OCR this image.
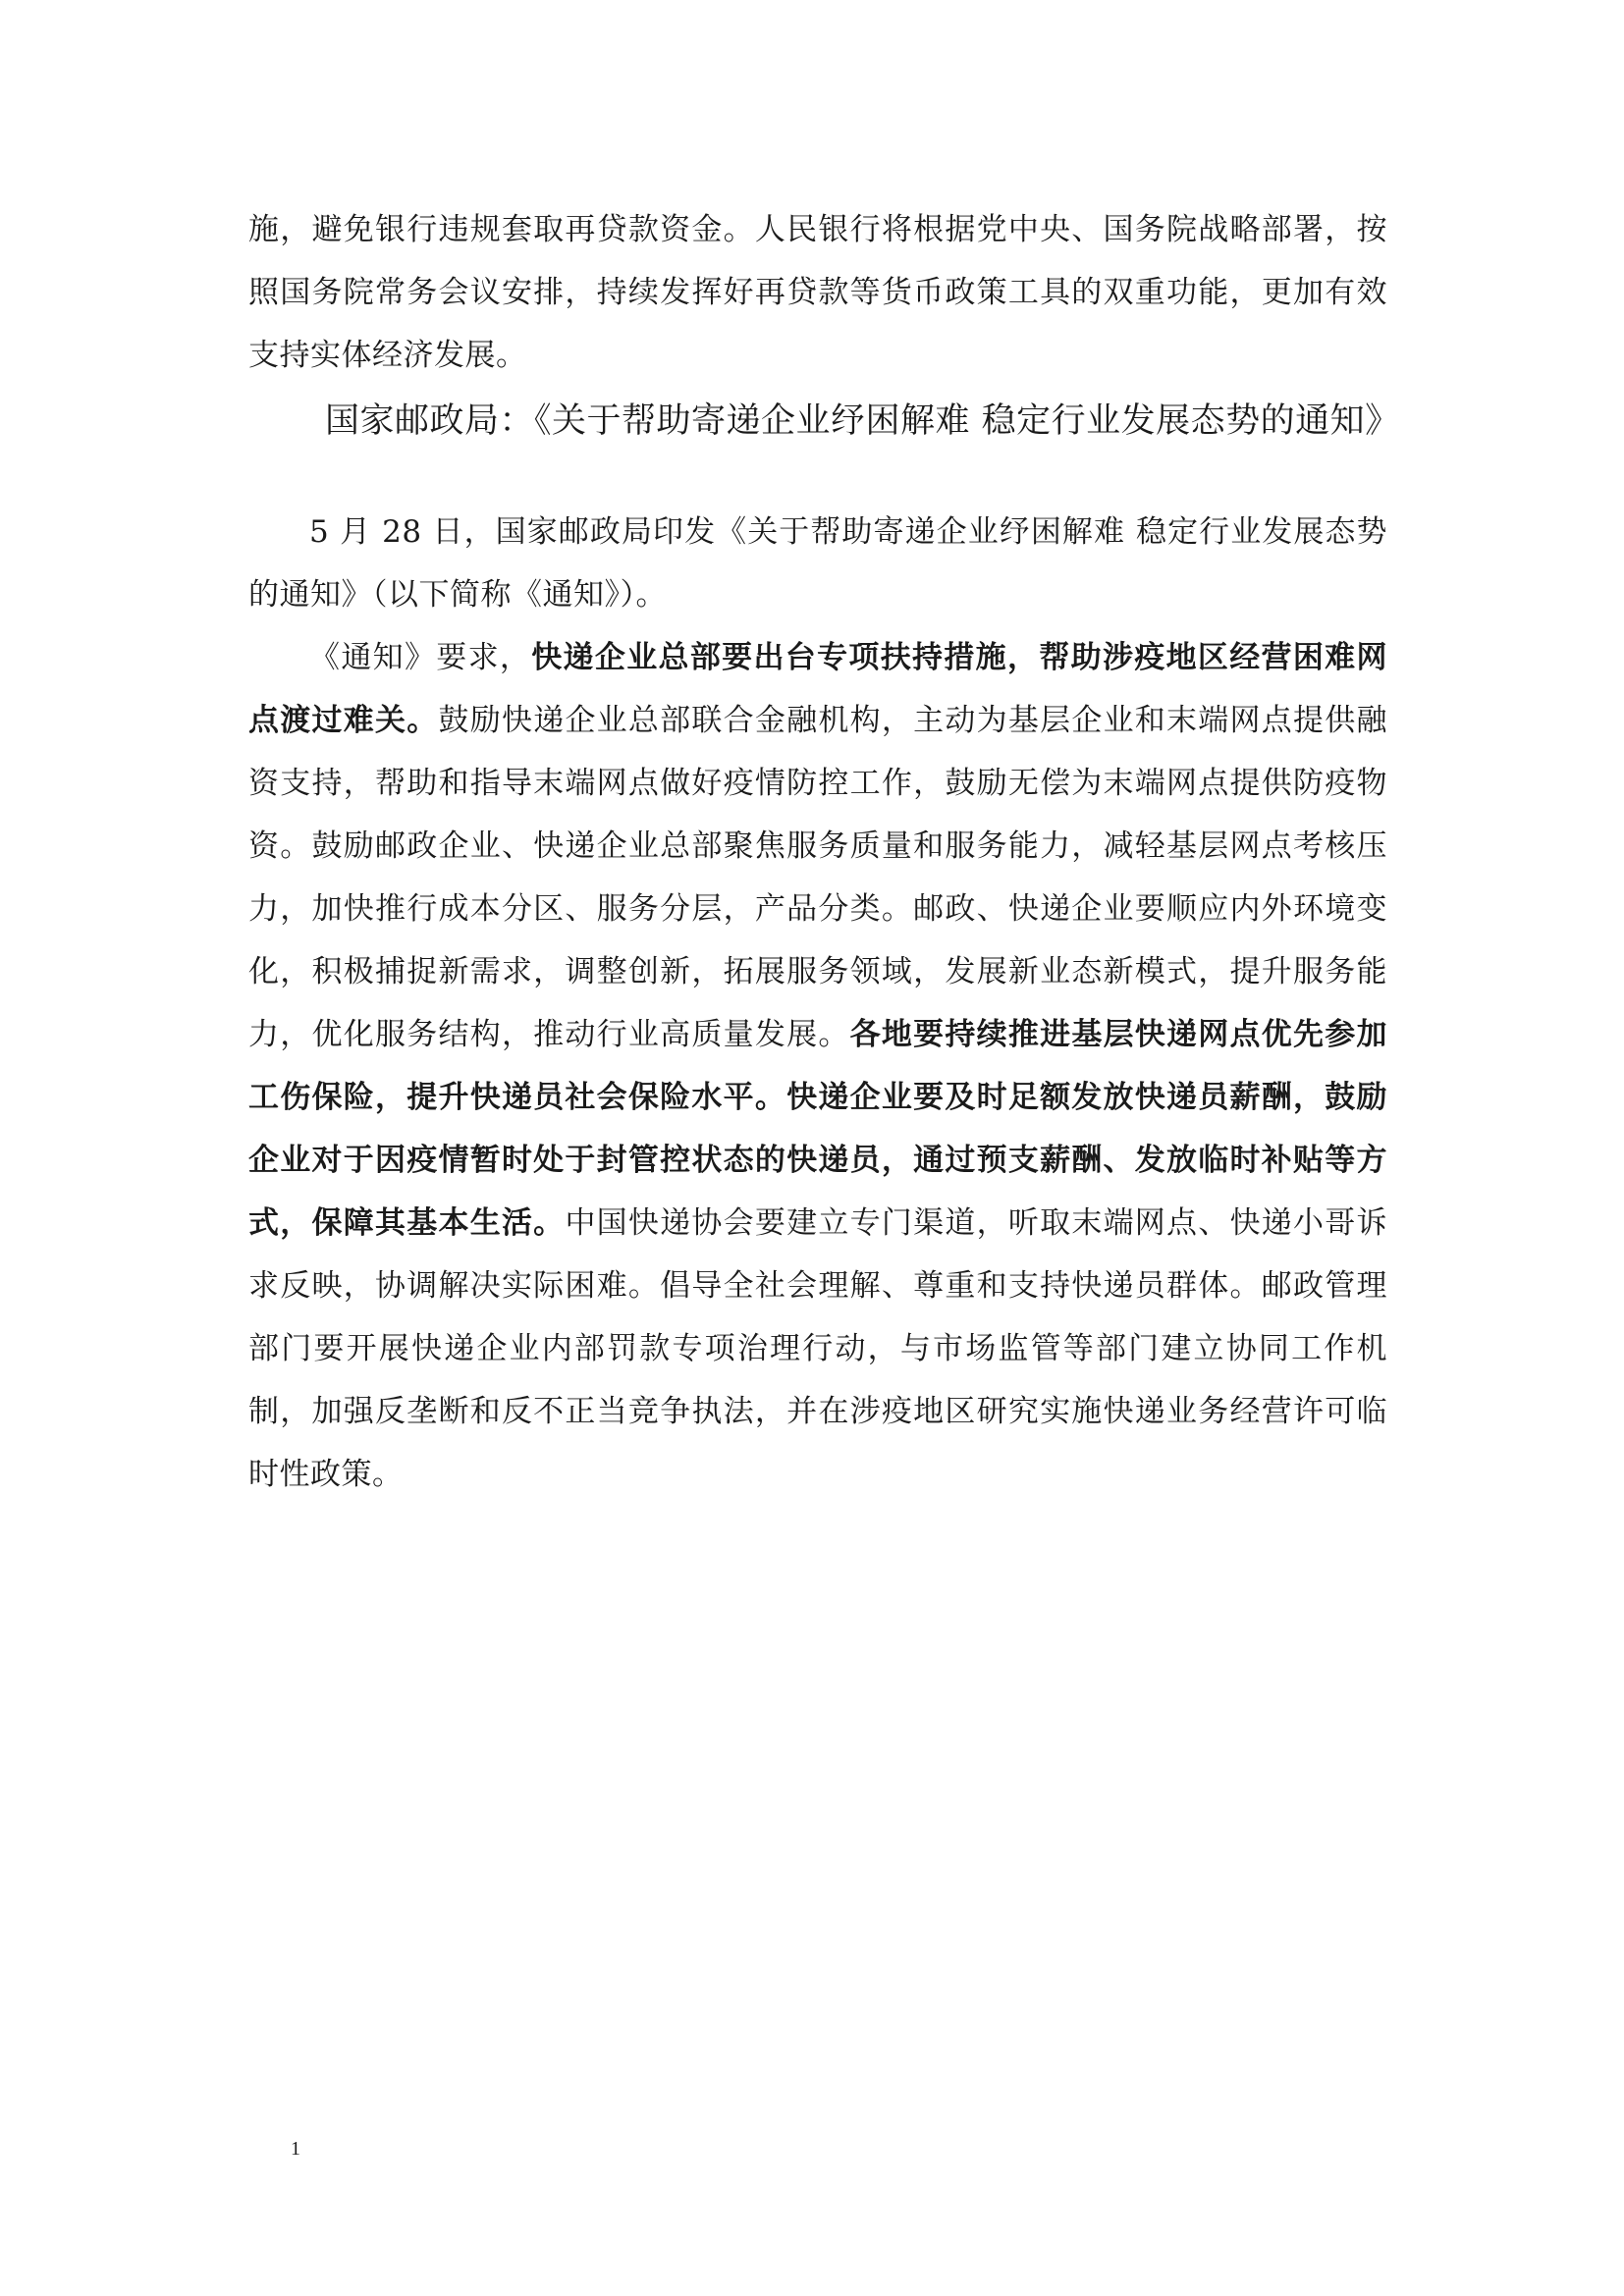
施，避免银行违规套取再贷款资金。人民银行将根据党中央、国务院战略部署，按照国务院常务会议安排，持续发挥好再贷款等货币政策工具的双重功能，更加有效支持实体经济发展。

国家邮政局：《关于帮助寄递企业纾困解难 稳定行业发展态势的通知》

5 月 28 日，国家邮政局印发《关于帮助寄递企业纾困解难 稳定行业发展态势的通知》（以下简称《通知》）。

《通知》要求，快递企业总部要出台专项扶持措施，帮助涉疫地区经营困难网点渡过难关。鼓励快递企业总部联合金融机构，主动为基层企业和末端网点提供融资支持，帮助和指导末端网点做好疫情防控工作，鼓励无偿为末端网点提供防疫物资。鼓励邮政企业、快递企业总部聚焦服务质量和服务能力，减轻基层网点考核压力，加快推行成本分区、服务分层，产品分类。邮政、快递企业要顺应内外环境变化，积极捕捉新需求，调整创新，拓展服务领域，发展新业态新模式，提升服务能力，优化服务结构，推动行业高质量发展。各地要持续推进基层快递网点优先参加工伤保险，提升快递员社会保险水平。快递企业要及时足额发放快递员薪酬，鼓励企业对于因疫情暂时处于封管控状态的快递员，通过预支薪酬、发放临时补贴等方式，保障其基本生活。中国快递协会要建立专门渠道，听取末端网点、快递小哥诉求反映，协调解决实际困难。倡导全社会理解、尊重和支持快递员群体。邮政管理部门要开展快递企业内部罚款专项治理行动，与市场监管等部门建立协同工作机制，加强反垄断和反不正当竞争执法，并在涉疫地区研究实施快递业务经营许可临时性政策。

1
